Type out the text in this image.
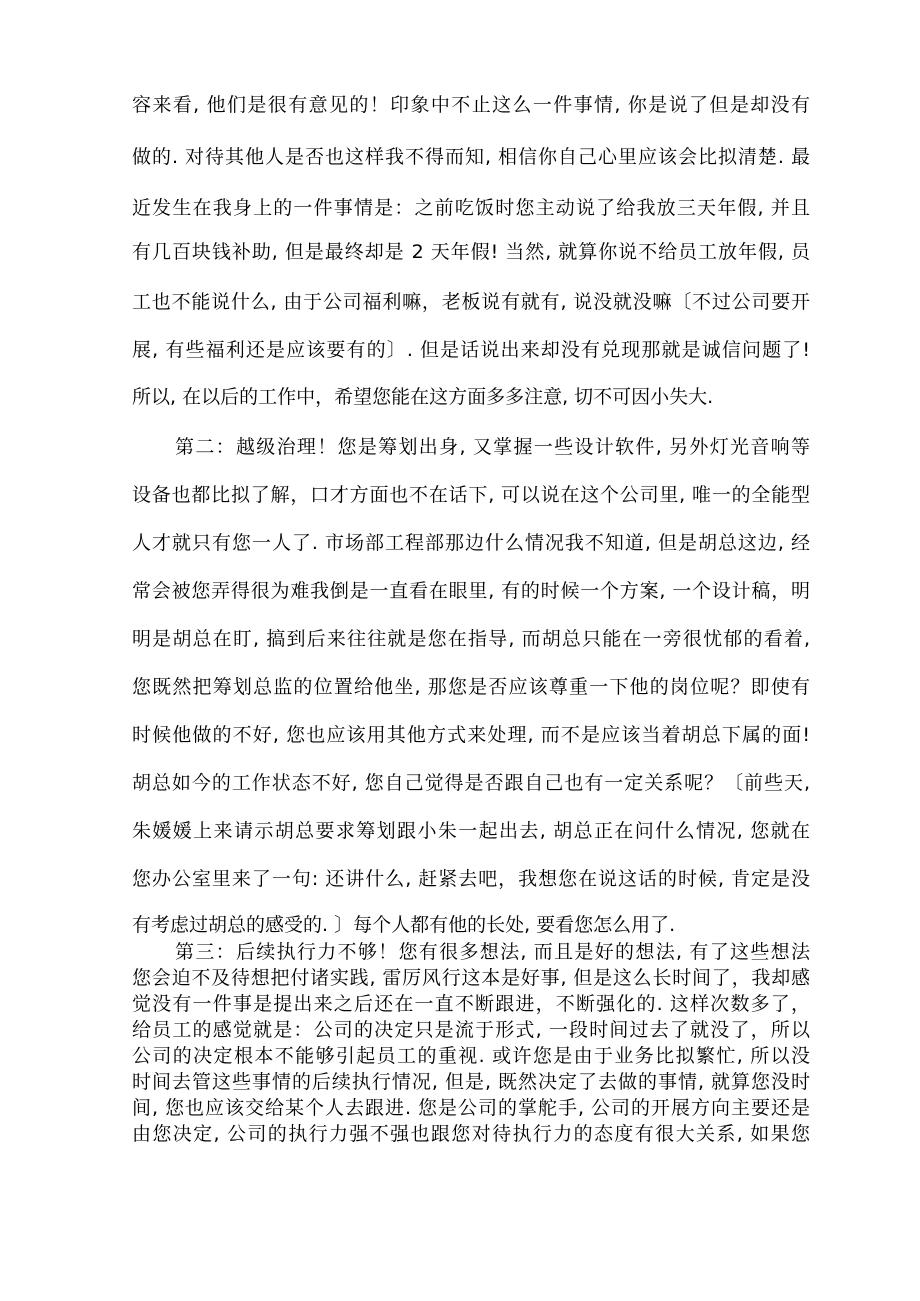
容来看, 他们是很有意见的！印象中不止这么一件事情, 你是说了但是却没有
做的. 对待其他人是否也这样我不得而知, 相信你自己心里应该会比拟清楚. 最
近发生在我身上的一件事情是：之前吃饭时您主动说了给我放三天年假, 并且
有几百块钱补助, 但是最终却是 2 天年假! 当然, 就算你说不给员工放年假, 员
工也不能说什么, 由于公司福利嘛，老板说有就有, 说没就没嘛〔不过公司要开
展, 有些福利还是应该要有的〕. 但是话说出来却没有兑现那就是诚信问题了!
所以, 在以后的工作中，希望您能在这方面多多注意, 切不可因小失大.
第二：越级治理！您是筹划出身, 又掌握一些设计软件, 另外灯光音响等
设备也都比拟了解，口才方面也不在话下, 可以说在这个公司里, 唯一的全能型
人才就只有您一人了. 市场部工程部那边什么情况我不知道, 但是胡总这边, 经
常会被您弄得很为难我倒是一直看在眼里, 有的时候一个方案, 一个设计稿，明
明是胡总在盯, 搞到后来往往就是您在指导, 而胡总只能在一旁很忧郁的看着,
您既然把筹划总监的位置给他坐, 那您是否应该尊重一下他的岗位呢？即使有
时候他做的不好, 您也应该用其他方式来处理, 而不是应该当着胡总下属的面!
胡总如今的工作状态不好, 您自己觉得是否跟自己也有一定关系呢？〔前些天,
朱媛媛上来请示胡总要求筹划跟小朱一起出去, 胡总正在问什么情况, 您就在
您办公室里来了一句: 还讲什么, 赶紧去吧，我想您在说这话的时候, 肯定是没
有考虑过胡总的感受的. 〕每个人都有他的长处, 要看您怎么用了.
第三：后续执行力不够！您有很多想法, 而且是好的想法, 有了这些想法
您会迫不及待想把付诸实践, 雷厉风行这本是好事, 但是这么长时间了，我却感
觉没有一件事是提出来之后还在一直不断跟进，不断强化的. 这样次数多了，
给员工的感觉就是：公司的决定只是流于形式, 一段时间过去了就没了，所以
公司的决定根本不能够引起员工的重视. 或许您是由于业务比拟繁忙, 所以没
时间去管这些事情的后续执行情况, 但是, 既然决定了去做的事情, 就算您没时
间, 您也应该交给某个人去跟进. 您是公司的掌舵手, 公司的开展方向主要还是
由您决定, 公司的执行力强不强也跟您对待执行力的态度有很大关系, 如果您
